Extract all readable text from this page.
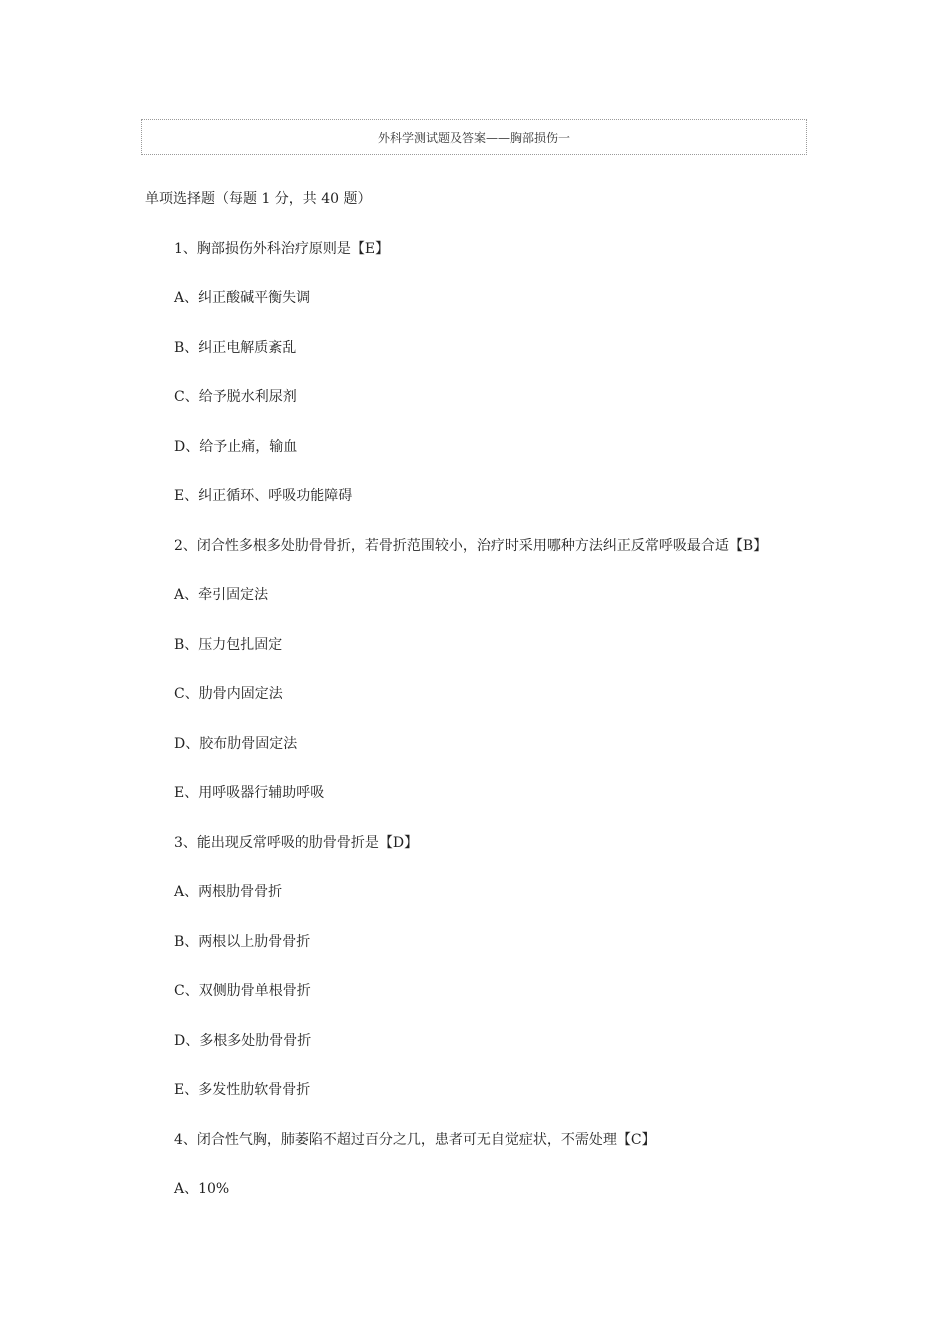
外科学测试题及答案——胸部损伤一
单项选择题（每题 1 分，共 40 题）
1、胸部损伤外科治疗原则是【E】
A、纠正酸碱平衡失调
B、纠正电解质紊乱
C、给予脱水利尿剂
D、给予止痛，输血
E、纠正循环、呼吸功能障碍
2、闭合性多根多处肋骨骨折，若骨折范围较小，治疗时采用哪种方法纠正反常呼吸最合适【B】
A、牵引固定法
B、压力包扎固定
C、肋骨内固定法
D、胶布肋骨固定法
E、用呼吸器行辅助呼吸
3、能出现反常呼吸的肋骨骨折是【D】
A、两根肋骨骨折
B、两根以上肋骨骨折
C、双侧肋骨单根骨折
D、多根多处肋骨骨折
E、多发性肋软骨骨折
4、闭合性气胸，肺萎陷不超过百分之几，患者可无自觉症状，不需处理【C】
A、10%
